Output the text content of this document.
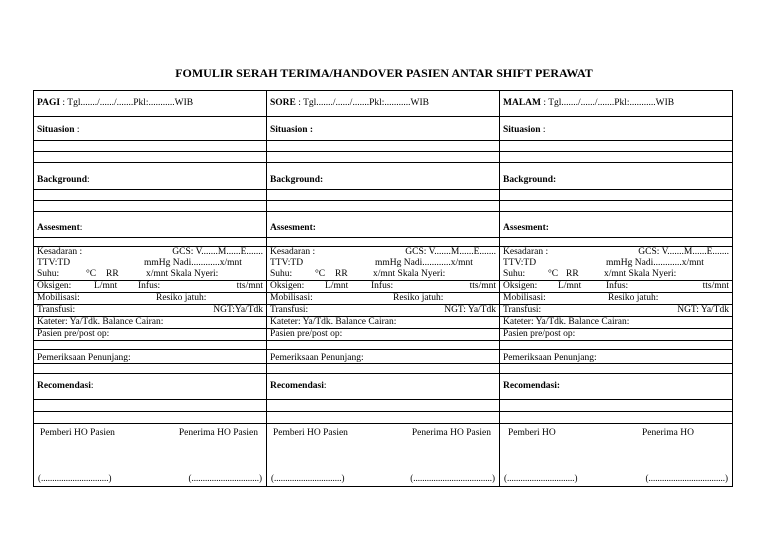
FOMULIR SERAH TERIMA/HANDOVER PASIEN ANTAR SHIFT PERAWAT
PAGI : Tgl......./....../.......Pkl:...........WIB
Situasion :
Background:
Assesment:
Kesadaran :	GCS: V.......M......E.......
TTV:TD	mmHg Nadi............x/mnt
Suhu:	°C RR	x/mnt Skala Nyeri:
Oksigen: L/mnt Infus:	tts/mnt
Mobilisasi:	Resiko jatuh:
Transfusi:	NGT:Ya/Tdk
Kateter: Ya/Tdk. Balance Cairan:
Pasien pre/post op:
Pemeriksaan Penunjang:
Recomendasi:
Pemberi HO Pasien	Penerima HO Pasien
(..............................)	(..............................)
SORE : Tgl......./....../.......Pkl:...........WIB
Situasion :
Background:
Assesment:
Kesadaran :	GCS: V.......M......E.......
TTV:TD	mmHg Nadi............x/mnt
Suhu: °C RR	x/mnt Skala Nyeri:
Oksigen: L/mnt Infus:	tts/mnt
Mobilisasi:	Resiko jatuh:
Transfusi:	NGT: Ya/Tdk
Kateter: Ya/Tdk. Balance Cairan:
Pasien pre/post op:
Pemeriksaan Penunjang:
Recomendasi:
Pemberi HO Pasien	Penerima HO Pasien
(..............................)	(...................................)
MALAM : Tgl......./....../.......Pkl:...........WIB
Situasion :
Background:
Assesment:
Kesadaran :	GCS: V.......M......E.......
TTV:TD	mmHg Nadi............x/mnt
Suhu: °C RR	x/mnt Skala Nyeri:
Oksigen: L/mnt	Infus:	tts/mnt
Mobilisasi:	Resiko jatuh:
Transfusi:	NGT: Ya/Tdk
Kateter: Ya/Tdk. Balance Cairan:
Pasien pre/post op:
Pemeriksaan Penunjang:
Recomendasi:
Pemberi HO	Penerima HO
(..............................)	(..................................)
